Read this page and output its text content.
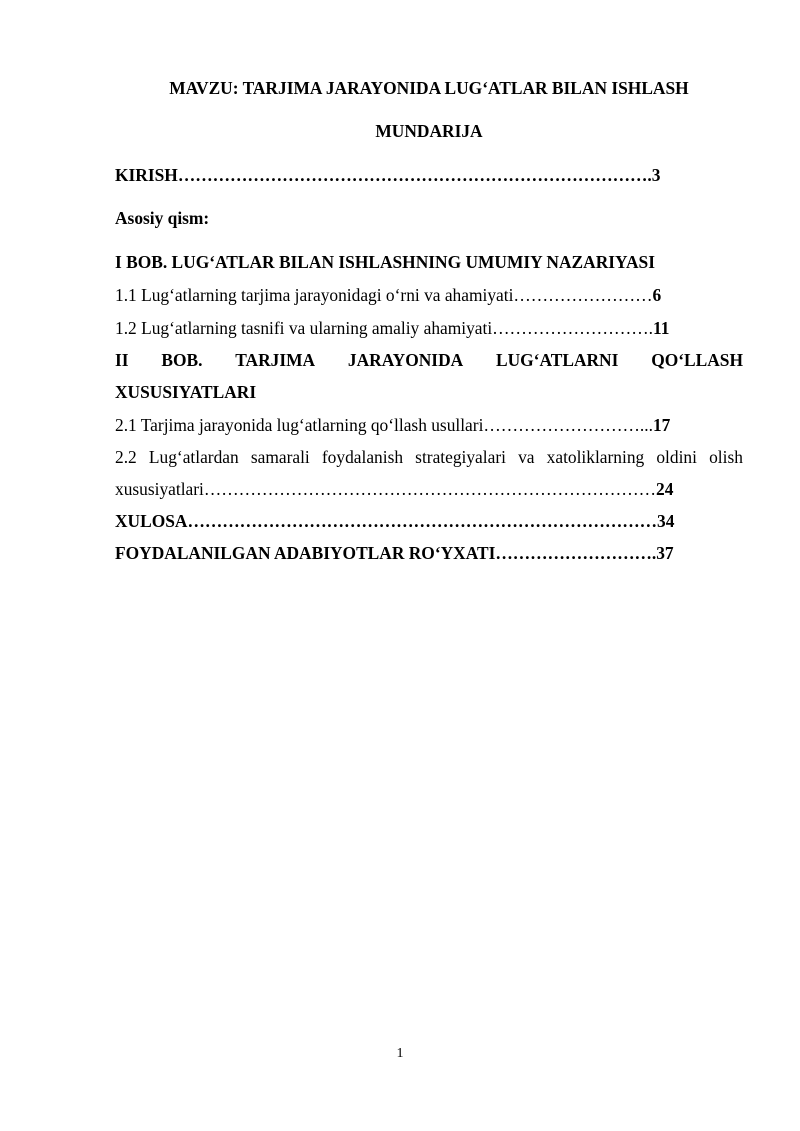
MAVZU: TARJIMA JARAYONIDA LUG‘ATLAR BILAN ISHLASH
MUNDARIJA
KIRISH……………………………………………………………………….3
Asosiy qism:
I BOB. LUG‘ATLAR BILAN ISHLASHNING UMUMIY NAZARIYASI
1.1 Lug‘atlarning tarjima jarayonidagi o‘rni va ahamiyati……………………6
1.2 Lug‘atlarning tasnifi va ularning amaliy ahamiyati……………………….11
II BOB. TARJIMA JARAYONIDA LUG‘ATLARNI QO‘LLASH
XUSUSIYATLARI
2.1 Tarjima jarayonida lug‘atlarning qo‘llash usullari………………………...17
2.2 Lug‘atlardan samarali foydalanish strategiyalari va xatoliklarning oldini olish
xususiyatlari……………………………………………………………………24
XULOSA………………………………………………………………………34
FOYDALANILGAN ADABIYOTLAR RO‘YXATI……………………….37
1
